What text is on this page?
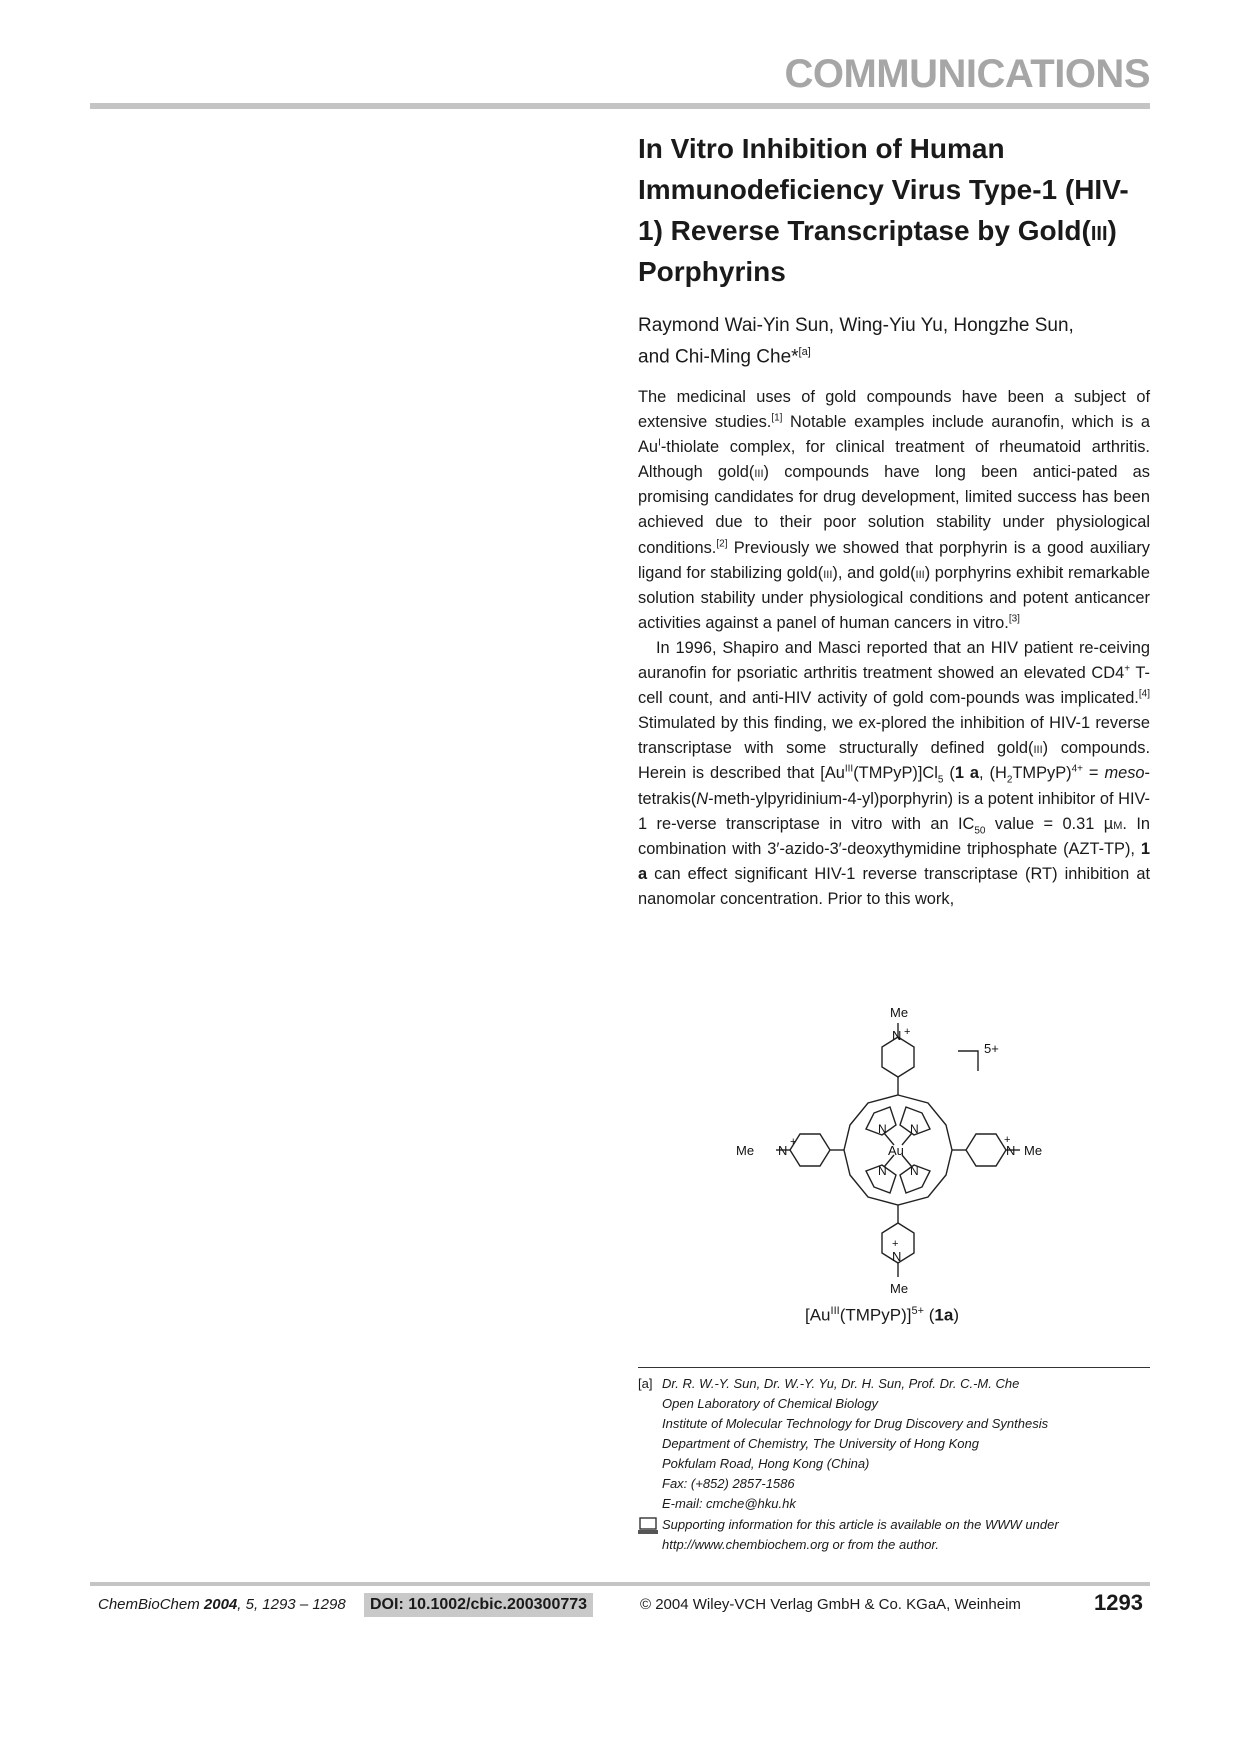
COMMUNICATIONS
In Vitro Inhibition of Human
Immunodeficiency Virus Type-1 (HIV-
1) Reverse Transcriptase by Gold(iii)
Porphyrins
Raymond Wai-Yin Sun, Wing-Yiu Yu, Hongzhe Sun,
and Chi-Ming Che*[a]

The medicinal uses of gold compounds have been a subject of extensive studies.[1] Notable examples include auranofin, which is a $Au^I$-thiolate complex, for clinical treatment of rheumatoid arthritis. Although gold(iii) compounds have long been antici-pated as promising candidates for drug development, limited success has been achieved due to their poor solution stability under physiological conditions.[2] Previously we showed that porphyrin is a good auxiliary ligand for stabilizing gold(iii), and gold(iii) porphyrins exhibit remarkable solution stability under physiological conditions and potent anticancer activities against a panel of human cancers in vitro.[3]

In 1996, Shapiro and Masci reported that an HIV patient re-ceiving auranofin for psoriatic arthritis treatment showed an elevated CD4+ T-cell count, and anti-HIV activity of gold com-pounds was implicated.[4] Stimulated by this finding, we ex-plored the inhibition of HIV-1 reverse transcriptase with some structurally defined gold(iii) compounds. Herein is described that $[Au^{III}(TMPyP)]Cl_5$ (1 a, $(H_2TMPyP)^{4+}$ = meso-tetrakis(N-meth-ylpyridinium-4-yl)porphyrin) is a potent inhibitor of HIV-1 re-verse transcriptase in vitro with an $IC_{50}$ value = 0.31 µm. In combination with 3′-azido-3′-deoxythymidine triphosphate (AZT-TP), 1 a can effect significant HIV-1 reverse transcriptase (RT) inhibition at nanomolar concentration. Prior to this work,

Me
N +
5+
Me N
+
Me
N
+
Au
N N
N N
N
+
Me
$[Au^{III}(TMPyP)]^{5+}$ (1a)
[a] Dr. R. W.-Y. Sun, Dr. W.-Y. Yu, Dr. H. Sun, Prof. Dr. C.-M. Che
Open Laboratory of Chemical Biology
Institute of Molecular Technology for Drug Discovery and Synthesis
Department of Chemistry, The University of Hong Kong
Pokfulam Road, Hong Kong (China)
Fax: (+852) 2857-1586
E-mail: cmche@hku.hk
Supporting information for this article is available on the WWW under
http://www.chembiochem.org or from the author.
ChemBioChem 2004, 5, 1293 – 1298	DOI: 10.1002/cbic.200300773	© 2004 Wiley-VCH Verlag GmbH & Co. KGaA, Weinheim	1293
